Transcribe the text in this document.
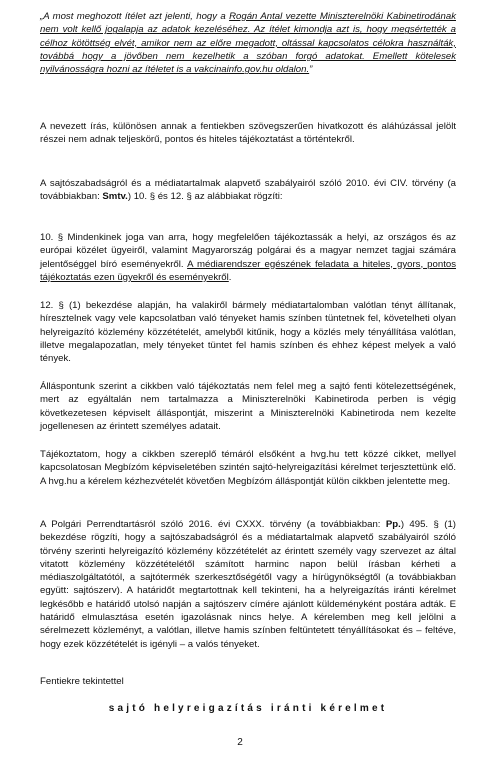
„A most meghozott ítélet azt jelenti, hogy a Rogán Antal vezette Miniszterelnöki Kabinetirodának nem volt kellő jogalapja az adatok kezeléséhez. Az ítélet kimondja azt is, hogy megsértették a célhoz kötöttség elvét, amikor nem az előre megadott, oltással kapcsolatos célokra használták, továbbá hogy a jövőben nem kezelhetik a szóban forgó adatokat. Emellett kötelesek nyilvánosságra hozni az ítéletet is a vakcinainfo.gov.hu oldalon.”

A nevezett írás, különösen annak a fentiekben szövegszerűen hivatkozott és aláhúzással jelölt részei nem adnak teljeskörű, pontos és hiteles tájékoztatást a történtekről.

A sajtószabadságról és a médiatartalmak alapvető szabályairól szóló 2010. évi CIV. törvény (a továbbiakban: Smtv.) 10. § és 12. § az alábbiakat rögzíti:

10. § Mindenkinek joga van arra, hogy megfelelően tájékoztassák a helyi, az országos és az európai közélet ügyeiről, valamint Magyarország polgárai és a magyar nemzet tagjai számára jelentőséggel bíró eseményekről. A médiarendszer egészének feladata a hiteles, gyors, pontos tájékoztatás ezen ügyekről és eseményekről.

12. § (1) bekezdése alapján, ha valakiről bármely médiatartalomban valótlan tényt állítanak, híresztelnek vagy vele kapcsolatban való tényeket hamis színben tüntetnek fel, követelheti olyan helyreigazító közlemény közzétételét, amelyből kitűnik, hogy a közlés mely tényállítása valótlan, illetve megalapozatlan, mely tényeket tüntet fel hamis színben és ehhez képest melyek a való tények.

Álláspontunk szerint a cikkben való tájékoztatás nem felel meg a sajtó fenti kötelezettségének, mert az egyáltalán nem tartalmazza a Miniszterelnöki Kabinetiroda perben is végig következetesen képviselt álláspontját, miszerint a Miniszterelnöki Kabinetiroda nem kezelte jogellenesen az érintett személyes adatait.

Tájékoztatom, hogy a cikkben szereplő témáról elsőként a hvg.hu tett közzé cikket, mellyel kapcsolatosan Megbízóm képviseletében szintén sajtó-helyreigazítási kérelmet terjesztettünk elő. A hvg.hu a kérelem kézhezvételét követően Megbízóm álláspontját külön cikkben jelentette meg.

A Polgári Perrendtartásról szóló 2016. évi CXXX. törvény (a továbbiakban: Pp.) 495. § (1) bekezdése rögzíti, hogy a sajtószabadságról és a médiatartalmak alapvető szabályairól szóló törvény szerinti helyreigazító közlemény közzétételét az érintett személy vagy szervezet az által vitatott közlemény közzétételétől számított harminc napon belül írásban kérheti a médiaszolgáltatótól, a sajtótermék szerkesztőségétől vagy a hírügynökségtől (a továbbiakban együtt: sajtószerv). A határidőt megtartottnak kell tekinteni, ha a helyreigazítás iránti kérelmet legkésőbb e határidő utolsó napján a sajtószerv címére ajánlott küldeményként postára adták. E határidő elmulasztása esetén igazolásnak nincs helye. A kérelemben meg kell jelölni a sérelmezett közleményt, a valótlan, illetve hamis színben feltüntetett tényállításokat és – feltéve, hogy ezek közzétételét is igényli – a valós tényeket.

Fentiekre tekintettel

sajtó helyreigazítás iránti kérelmet
2
